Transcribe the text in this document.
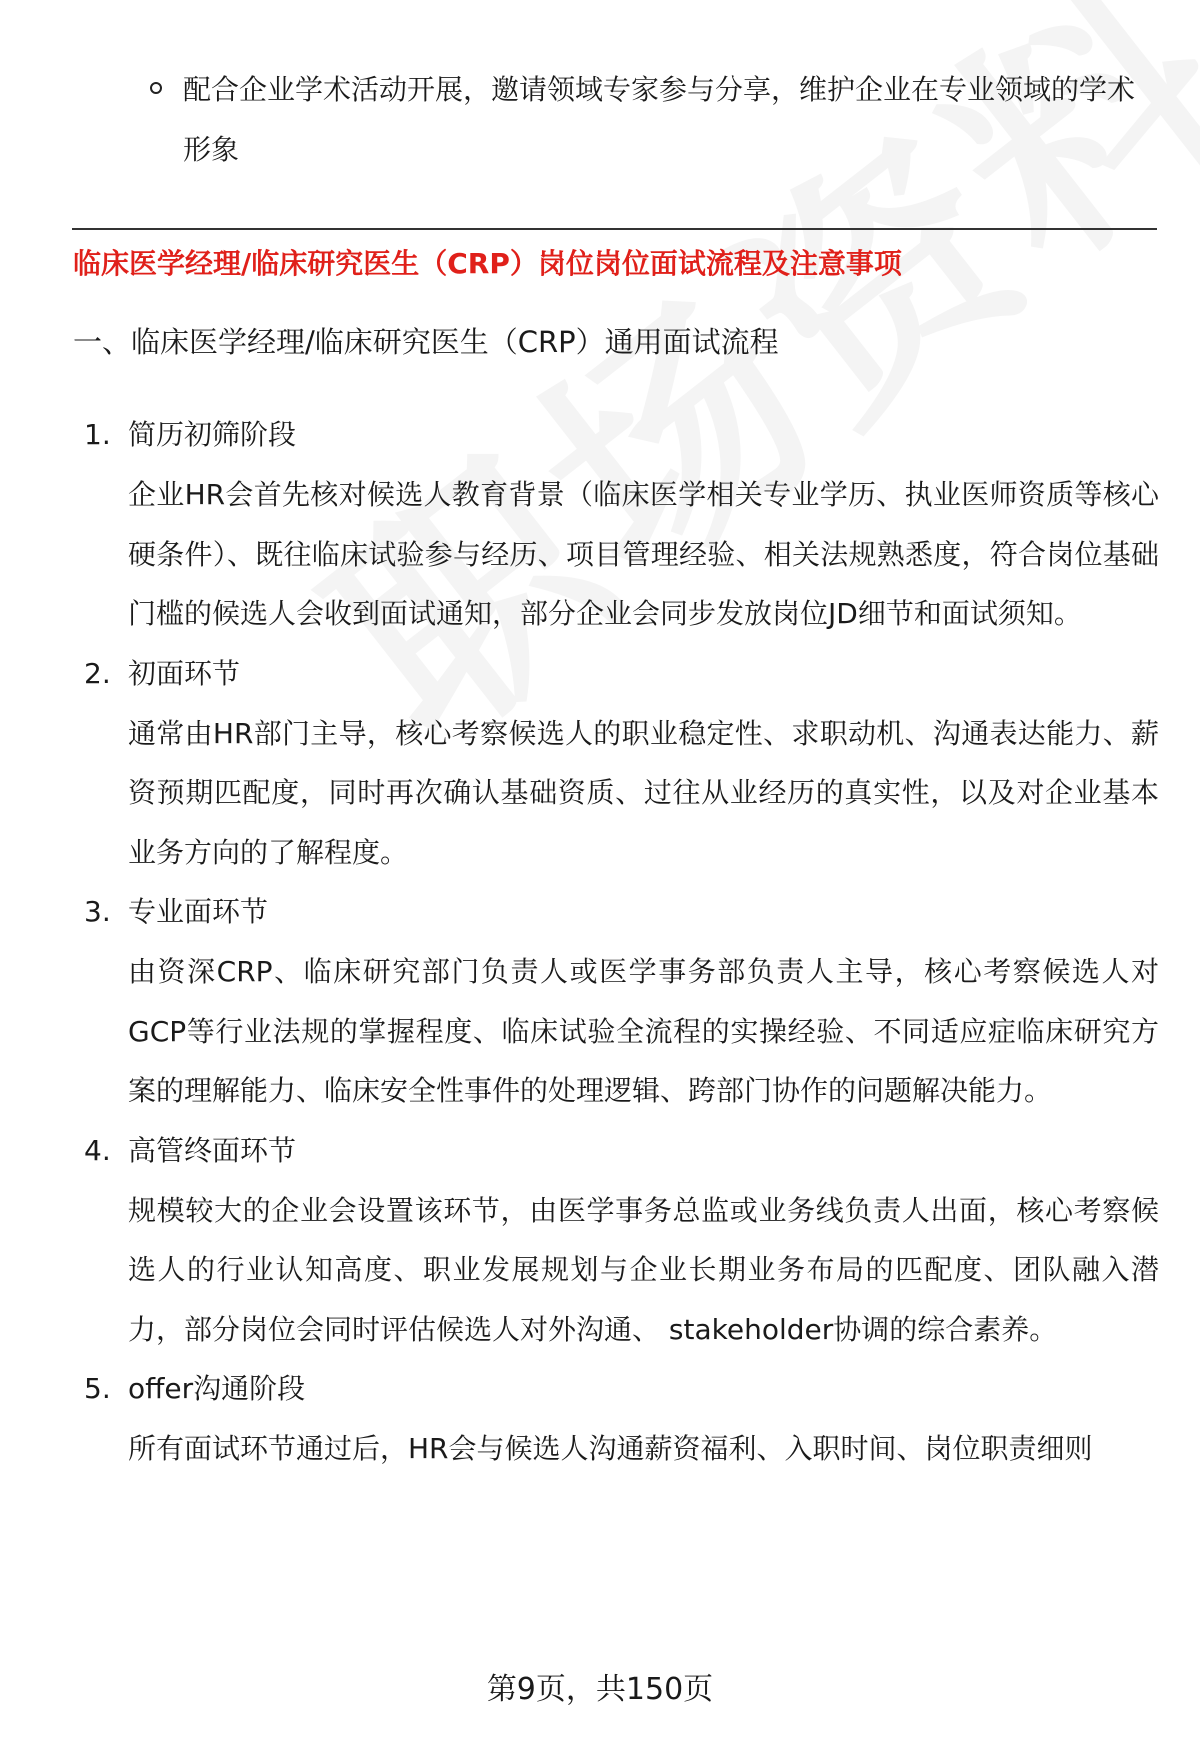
配合企业学术活动开展，邀请领域专家参与分享，维护企业在专业领域的学术形象
临床医学经理/临床研究医生（CRP）岗位岗位面试流程及注意事项
一、临床医学经理/临床研究医生（CRP）通用面试流程
1. 简历初筛阶段
企业HR会首先核对候选人教育背景（临床医学相关专业学历、执业医师资质等核心硬条件）、既往临床试验参与经历、项目管理经验、相关法规熟悉度，符合岗位基础门槛的候选人会收到面试通知，部分企业会同步发放岗位JD细节和面试须知。
2. 初面环节
通常由HR部门主导，核心考察候选人的职业稳定性、求职动机、沟通表达能力、薪资预期匹配度，同时再次确认基础资质、过往从业经历的真实性，以及对企业基本业务方向的了解程度。
3. 专业面环节
由资深CRP、临床研究部门负责人或医学事务部负责人主导，核心考察候选人对GCP等行业法规的掌握程度、临床试验全流程的实操经验、不同适应症临床研究方案的理解能力、临床安全性事件的处理逻辑、跨部门协作的问题解决能力。
4. 高管终面环节
规模较大的企业会设置该环节，由医学事务总监或业务线负责人出面，核心考察候选人的行业认知高度、职业发展规划与企业长期业务布局的匹配度、团队融入潜力，部分岗位会同时评估候选人对外沟通、 stakeholder协调的综合素养。
5. offer沟通阶段
所有面试环节通过后，HR会与候选人沟通薪资福利、入职时间、岗位职责细则
第9页，共150页
